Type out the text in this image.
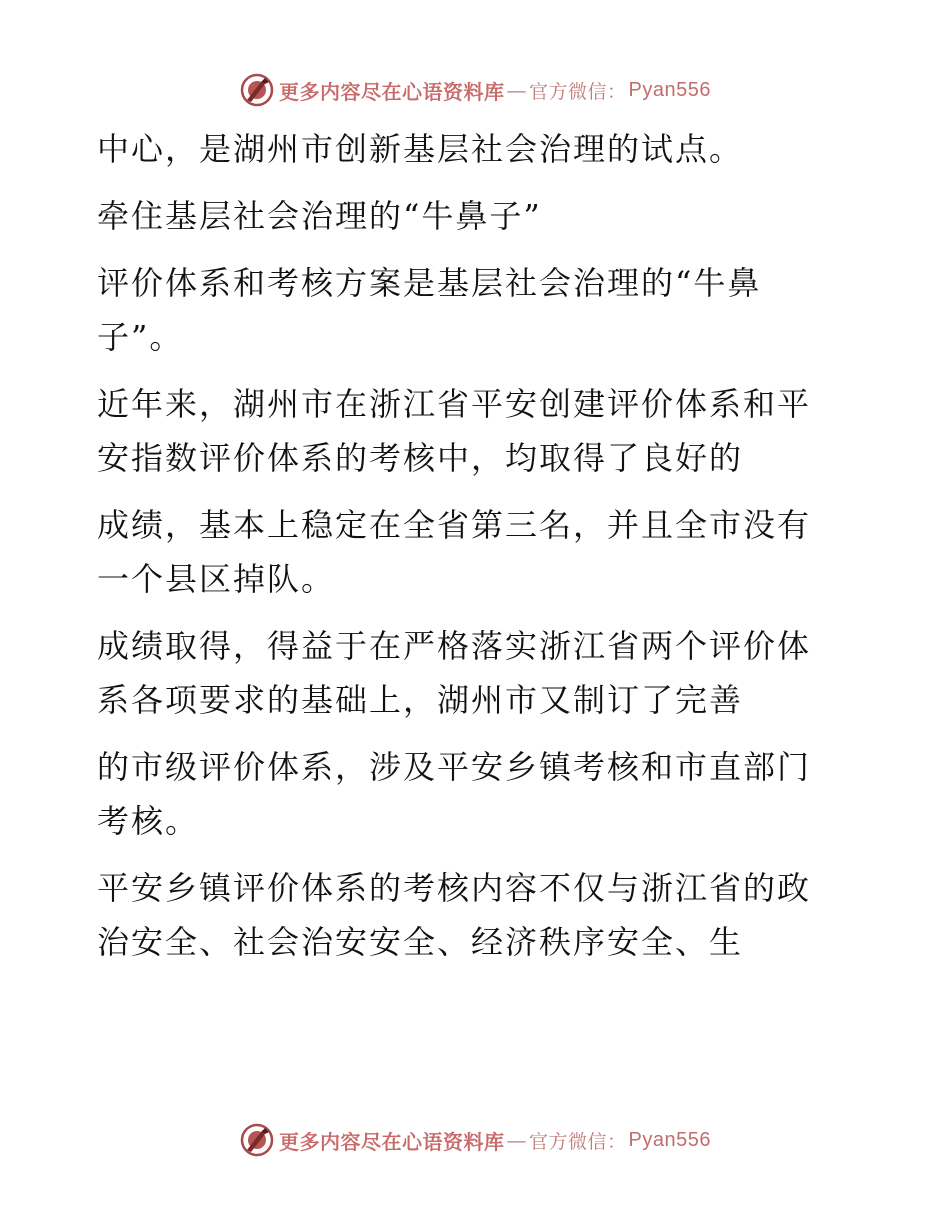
更多内容尽在心语资料库 — 官方微信： Pyan556

中心，是湖州市创新基层社会治理的试点。

牵住基层社会治理的“牛鼻子”

评价体系和考核方案是基层社会治理的“牛鼻
子”。

近年来，湖州市在浙江省平安创建评价体系和平
安指数评价体系的考核中，均取得了良好的

成绩，基本上稳定在全省第三名，并且全市没有
一个县区掉队。

成绩取得，得益于在严格落实浙江省两个评价体
系各项要求的基础上，湖州市又制订了完善

的市级评价体系，涉及平安乡镇考核和市直部门
考核。

平安乡镇评价体系的考核内容不仅与浙江省的政
治安全、社会治安安全、经济秩序安全、生

更多内容尽在心语资料库 — 官方微信： Pyan556
